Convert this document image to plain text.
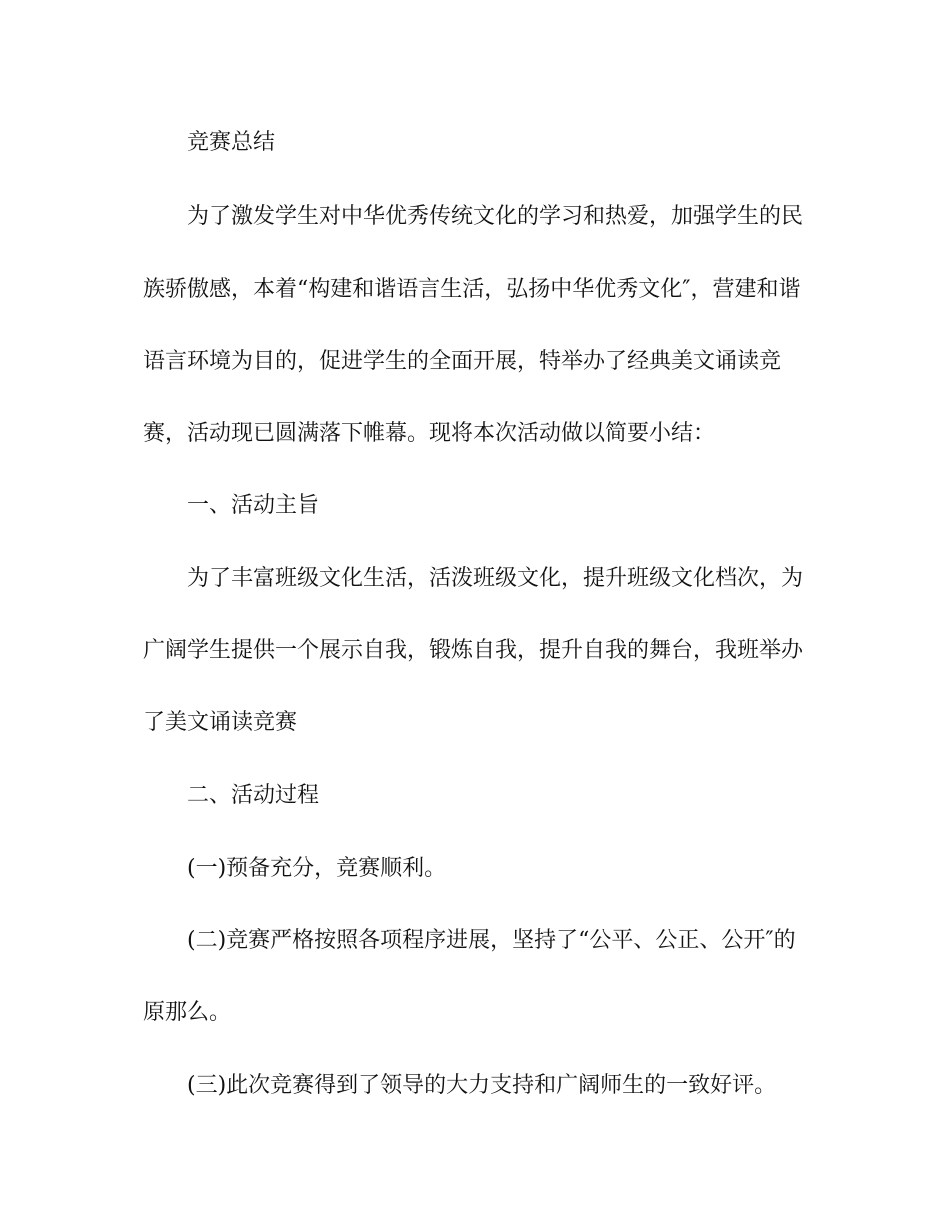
竞赛总结

为了激发学生对中华优秀传统文化的学习和热爱，加强学生的民

族骄傲感，本着“构建和谐语言生活，弘扬中华优秀文化″，营建和谐

语言环境为目的，促进学生的全面开展，特举办了经典美文诵读竞

赛，活动现已圆满落下帷幕。现将本次活动做以简要小结：

一、活动主旨

为了丰富班级文化生活，活泼班级文化，提升班级文化档次，为

广阔学生提供一个展示自我，锻炼自我，提升自我的舞台，我班举办

了美文诵读竞赛

二、活动过程

(一)预备充分，竞赛顺利。

(二)竞赛严格按照各项程序进展，坚持了“公平、公正、公开″的

原那么。

(三)此次竞赛得到了领导的大力支持和广阔师生的一致好评。
